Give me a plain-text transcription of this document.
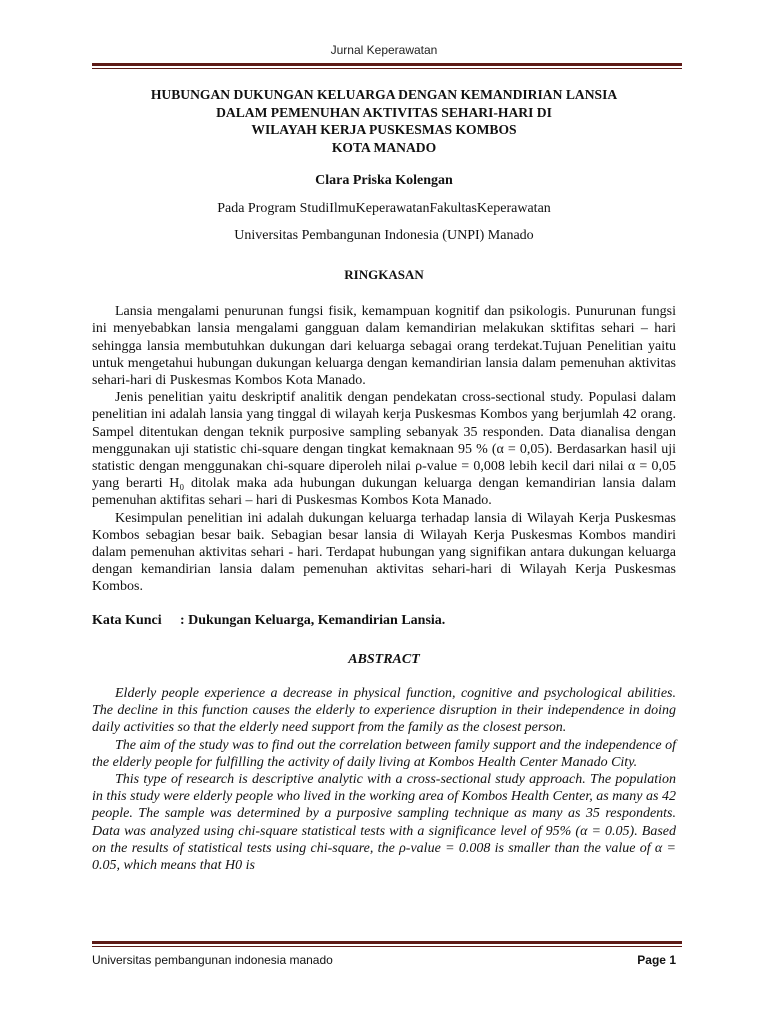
Jurnal Keperawatan
HUBUNGAN DUKUNGAN KELUARGA DENGAN KEMANDIRIAN LANSIA
DALAM PEMENUHAN AKTIVITAS SEHARI-HARI DI
WILAYAH KERJA PUSKESMAS KOMBOS
KOTA MANADO
Clara Priska Kolengan
Pada Program StudiIlmuKeperawatanFakultasKeperawatan
Universitas Pembangunan Indonesia (UNPI) Manado
RINGKASAN

Lansia mengalami penurunan fungsi fisik, kemampuan kognitif dan psikologis. Punurunan fungsi ini menyebabkan lansia mengalami gangguan dalam kemandirian melakukan sktifitas sehari – hari sehingga lansia membutuhkan dukungan dari keluarga sebagai orang terdekat.Tujuan Penelitian yaitu untuk mengetahui hubungan dukungan keluarga dengan kemandirian lansia dalam pemenuhan aktivitas sehari-hari di Puskesmas Kombos Kota Manado.

Jenis penelitian yaitu deskriptif analitik dengan pendekatan cross-sectional study. Populasi dalam penelitian ini adalah lansia yang tinggal di wilayah kerja Puskesmas Kombos yang berjumlah 42 orang. Sampel ditentukan dengan teknik purposive sampling sebanyak 35 responden. Data dianalisa dengan menggunakan uji statistic chi-square dengan tingkat kemaknaan 95 % (α = 0,05). Berdasarkan hasil uji statistic dengan menggunakan chi-square diperoleh nilai ρ-value = 0,008 lebih kecil dari nilai α = 0,05 yang berarti H₀ ditolak maka ada hubungan dukungan keluarga dengan kemandirian lansia dalam pemenuhan aktifitas sehari – hari di Puskesmas Kombos Kota Manado.

Kesimpulan penelitian ini adalah dukungan keluarga terhadap lansia di Wilayah Kerja Puskesmas Kombos sebagian besar baik. Sebagian besar lansia di Wilayah Kerja Puskesmas Kombos mandiri dalam pemenuhan aktivitas sehari - hari. Terdapat hubungan yang signifikan antara dukungan keluarga dengan kemandirian lansia dalam pemenuhan aktivitas sehari-hari di Wilayah Kerja Puskesmas Kombos.

Kata Kunci : Dukungan Keluarga, Kemandirian Lansia.
ABSTRACT

Elderly people experience a decrease in physical function, cognitive and psychological abilities. The decline in this function causes the elderly to experience disruption in their independence in doing daily activities so that the elderly need support from the family as the closest person.

The aim of the study was to find out the correlation between family support and the independence of the elderly people for fulfilling the activity of daily living at Kombos Health Center Manado City.

This type of research is descriptive analytic with a cross-sectional study approach. The population in this study were elderly people who lived in the working area of Kombos Health Center, as many as 42 people. The sample was determined by a purposive sampling technique as many as 35 respondents. Data was analyzed using chi-square statistical tests with a significance level of 95% (α = 0.05). Based on the results of statistical tests using chi-square, the ρ-value = 0.008 is smaller than the value of α = 0.05, which means that H0 is

Universitas pembangunan indonesia manado	Page 1
